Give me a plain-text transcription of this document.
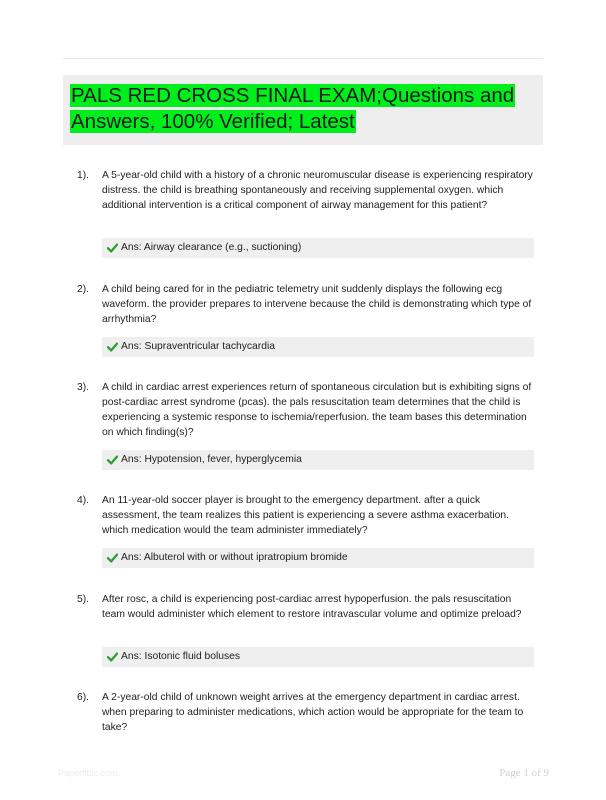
PALS RED CROSS FINAL EXAM;Questions and Answers, 100% Verified; Latest
1). A 5-year-old child with a history of a chronic neuromuscular disease is experiencing respiratory distress. the child is breathing spontaneously and receiving supplemental oxygen. which additional intervention is a critical component of airway management for this patient?
Ans: Airway clearance (e.g., suctioning)
2). A child being cared for in the pediatric telemetry unit suddenly displays the following ecg waveform. the provider prepares to intervene because the child is demonstrating which type of arrhythmia?
Ans: Supraventricular tachycardia
3). A child in cardiac arrest experiences return of spontaneous circulation but is exhibiting signs of post-cardiac arrest syndrome (pcas). the pals resuscitation team determines that the child is experiencing a systemic response to ischemia/reperfusion. the team bases this determination on which finding(s)?
Ans: Hypotension, fever, hyperglycemia
4). An 11-year-old soccer player is brought to the emergency department. after a quick assessment, the team realizes this patient is experiencing a severe asthma exacerbation. which medication would the team administer immediately?
Ans: Albuterol with or without ipratropium bromide
5). After rosc, a child is experiencing post-cardiac arrest hypoperfusion. the pals resuscitation team would administer which element to restore intravascular volume and optimize preload?
Ans: Isotonic fluid boluses
6). A 2-year-old child of unknown weight arrives at the emergency department in cardiac arrest. when preparing to administer medications, which action would be appropriate for the team to take?
Paperfittic.com	Page 1 of 9
